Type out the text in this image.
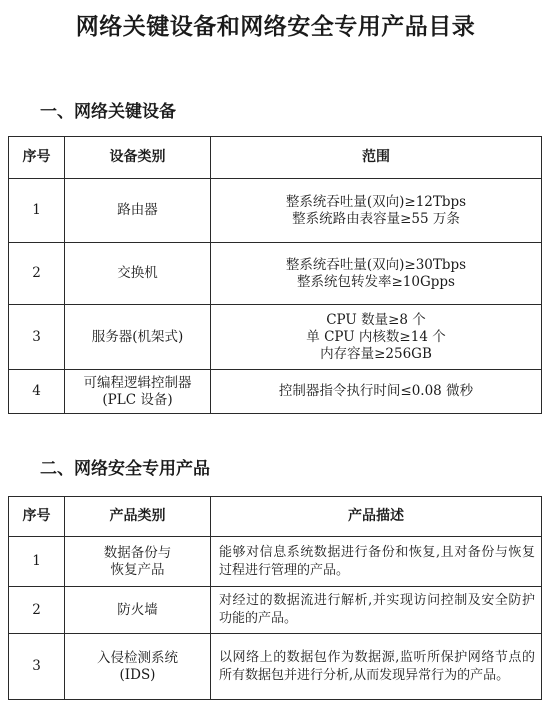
网络关键设备和网络安全专用产品目录
一、网络关键设备
序号	设备类别	范围
1	路由器	整系统吞吐量(双向)≥12Tbps
整系统路由表容量≥55 万条

2	交换机	整系统吞吐量(双向)≥30Tbps
整系统包转发率≥10Gpps

3	服务器(机架式)	CPU 数量≥8 个
单 CPU 内核数≥14 个
内存容量≥256GB

4	可编程逻辑控制器
(PLC 设备)	控制器指令执行时间≤0.08 微秒
二、网络安全专用产品
序号	产品类别	产品描述
1	数据备份与
恢复产品	能够对信息系统数据进行备份和恢复,且对备份与恢复过程进行管理的产品。
2	防火墙	对经过的数据流进行解析,并实现访问控制及安全防护功能的产品。
3	入侵检测系统
(IDS)	以网络上的数据包作为数据源,监听所保护网络节点的所有数据包并进行分析,从而发现异常行为的产品。
